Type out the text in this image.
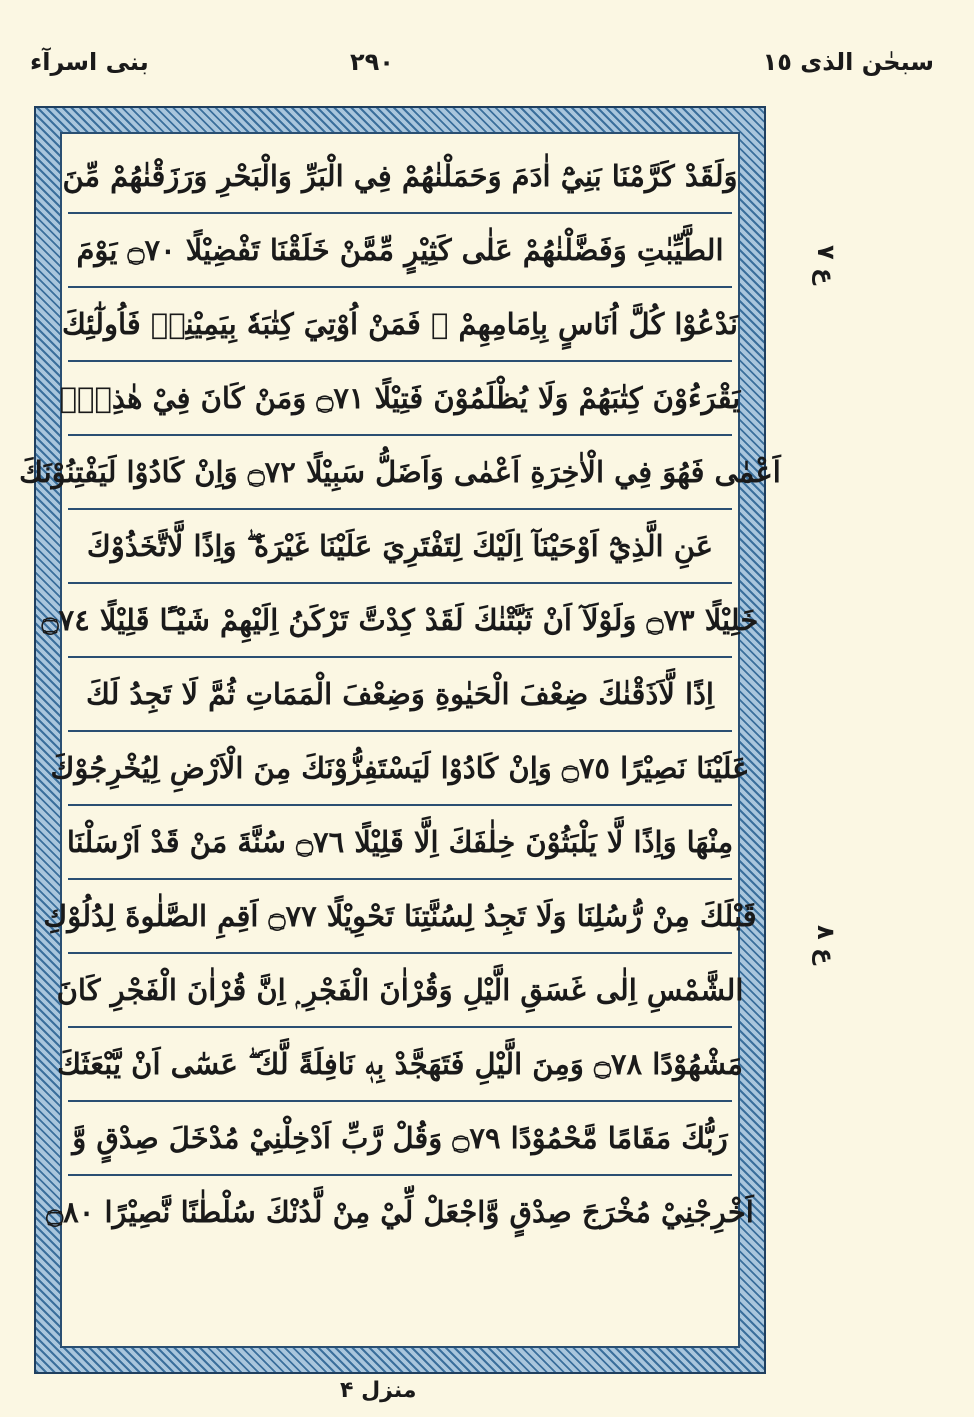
سبحٰن الذی ١٥
٢٩٠
بنی اسرآء
وَلَقَدْ كَرَّمْنَا بَنِيْٓ اٰدَمَ وَحَمَلْنٰهُمْ فِي الْبَرِّ وَالْبَحْرِ وَرَزَقْنٰهُمْ مِّنَ
الطَّيِّبٰتِ وَفَضَّلْنٰهُمْ عَلٰى كَثِيْرٍ مِّمَّنْ خَلَقْنَا تَفْضِيْلًا ۝٧٠ يَوْمَ
نَدْعُوْا كُلَّ اُنَاسٍ بِاِمَامِهِمْ ۚ فَمَنْ اُوْتِيَ كِتٰبَهٗ بِيَمِيْنِهٖ فَاُولٰٓئِكَ
يَقْرَءُوْنَ كِتٰبَهُمْ وَلَا يُظْلَمُوْنَ فَتِيْلًا ۝٧١ وَمَنْ كَانَ فِيْ هٰذِهٖٓ
اَعْمٰى فَهُوَ فِي الْاٰخِرَةِ اَعْمٰى وَاَضَلُّ سَبِيْلًا ۝٧٢ وَاِنْ كَادُوْا لَيَفْتِنُوْنَكَ
عَنِ الَّذِيْٓ اَوْحَيْنَآ اِلَيْكَ لِتَفْتَرِيَ عَلَيْنَا غَيْرَهٗ ۖ وَاِذًا لَّاتَّخَذُوْكَ
خَلِيْلًا ۝٧٣ وَلَوْلَآ اَنْ ثَبَّتْنٰكَ لَقَدْ كِدْتَّ تَرْكَنُ اِلَيْهِمْ شَيْـًٔا قَلِيْلًا ۝٧٤
اِذًا لَّاَذَقْنٰكَ ضِعْفَ الْحَيٰوةِ وَضِعْفَ الْمَمَاتِ ثُمَّ لَا تَجِدُ لَكَ
عَلَيْنَا نَصِيْرًا ۝٧٥ وَاِنْ كَادُوْا لَيَسْتَفِزُّوْنَكَ مِنَ الْاَرْضِ لِيُخْرِجُوْكَ
مِنْهَا وَاِذًا لَّا يَلْبَثُوْنَ خِلٰفَكَ اِلَّا قَلِيْلًا ۝٧٦ سُنَّةَ مَنْ قَدْ اَرْسَلْنَا
قَبْلَكَ مِنْ رُّسُلِنَا وَلَا تَجِدُ لِسُنَّتِنَا تَحْوِيْلًا ۝٧٧ اَقِمِ الصَّلٰوةَ لِدُلُوْكِ
الشَّمْسِ اِلٰى غَسَقِ الَّيْلِ وَقُرْاٰنَ الْفَجْرِ ۭ اِنَّ قُرْاٰنَ الْفَجْرِ كَانَ
مَشْهُوْدًا ۝٧٨ وَمِنَ الَّيْلِ فَتَهَجَّدْ بِهٖ نَافِلَةً لَّكَ ۖ عَسٰٓى اَنْ يَّبْعَثَكَ
رَبُّكَ مَقَامًا مَّحْمُوْدًا ۝٧٩ وَقُلْ رَّبِّ اَدْخِلْنِيْ مُدْخَلَ صِدْقٍ وَّ
اَخْرِجْنِيْ مُخْرَجَ صِدْقٍ وَّاجْعَلْ لِّيْ مِنْ لَّدُنْكَ سُلْطٰنًا نَّصِيْرًا ۝٨٠
ع ٧
ع ٨
منزل ۴
